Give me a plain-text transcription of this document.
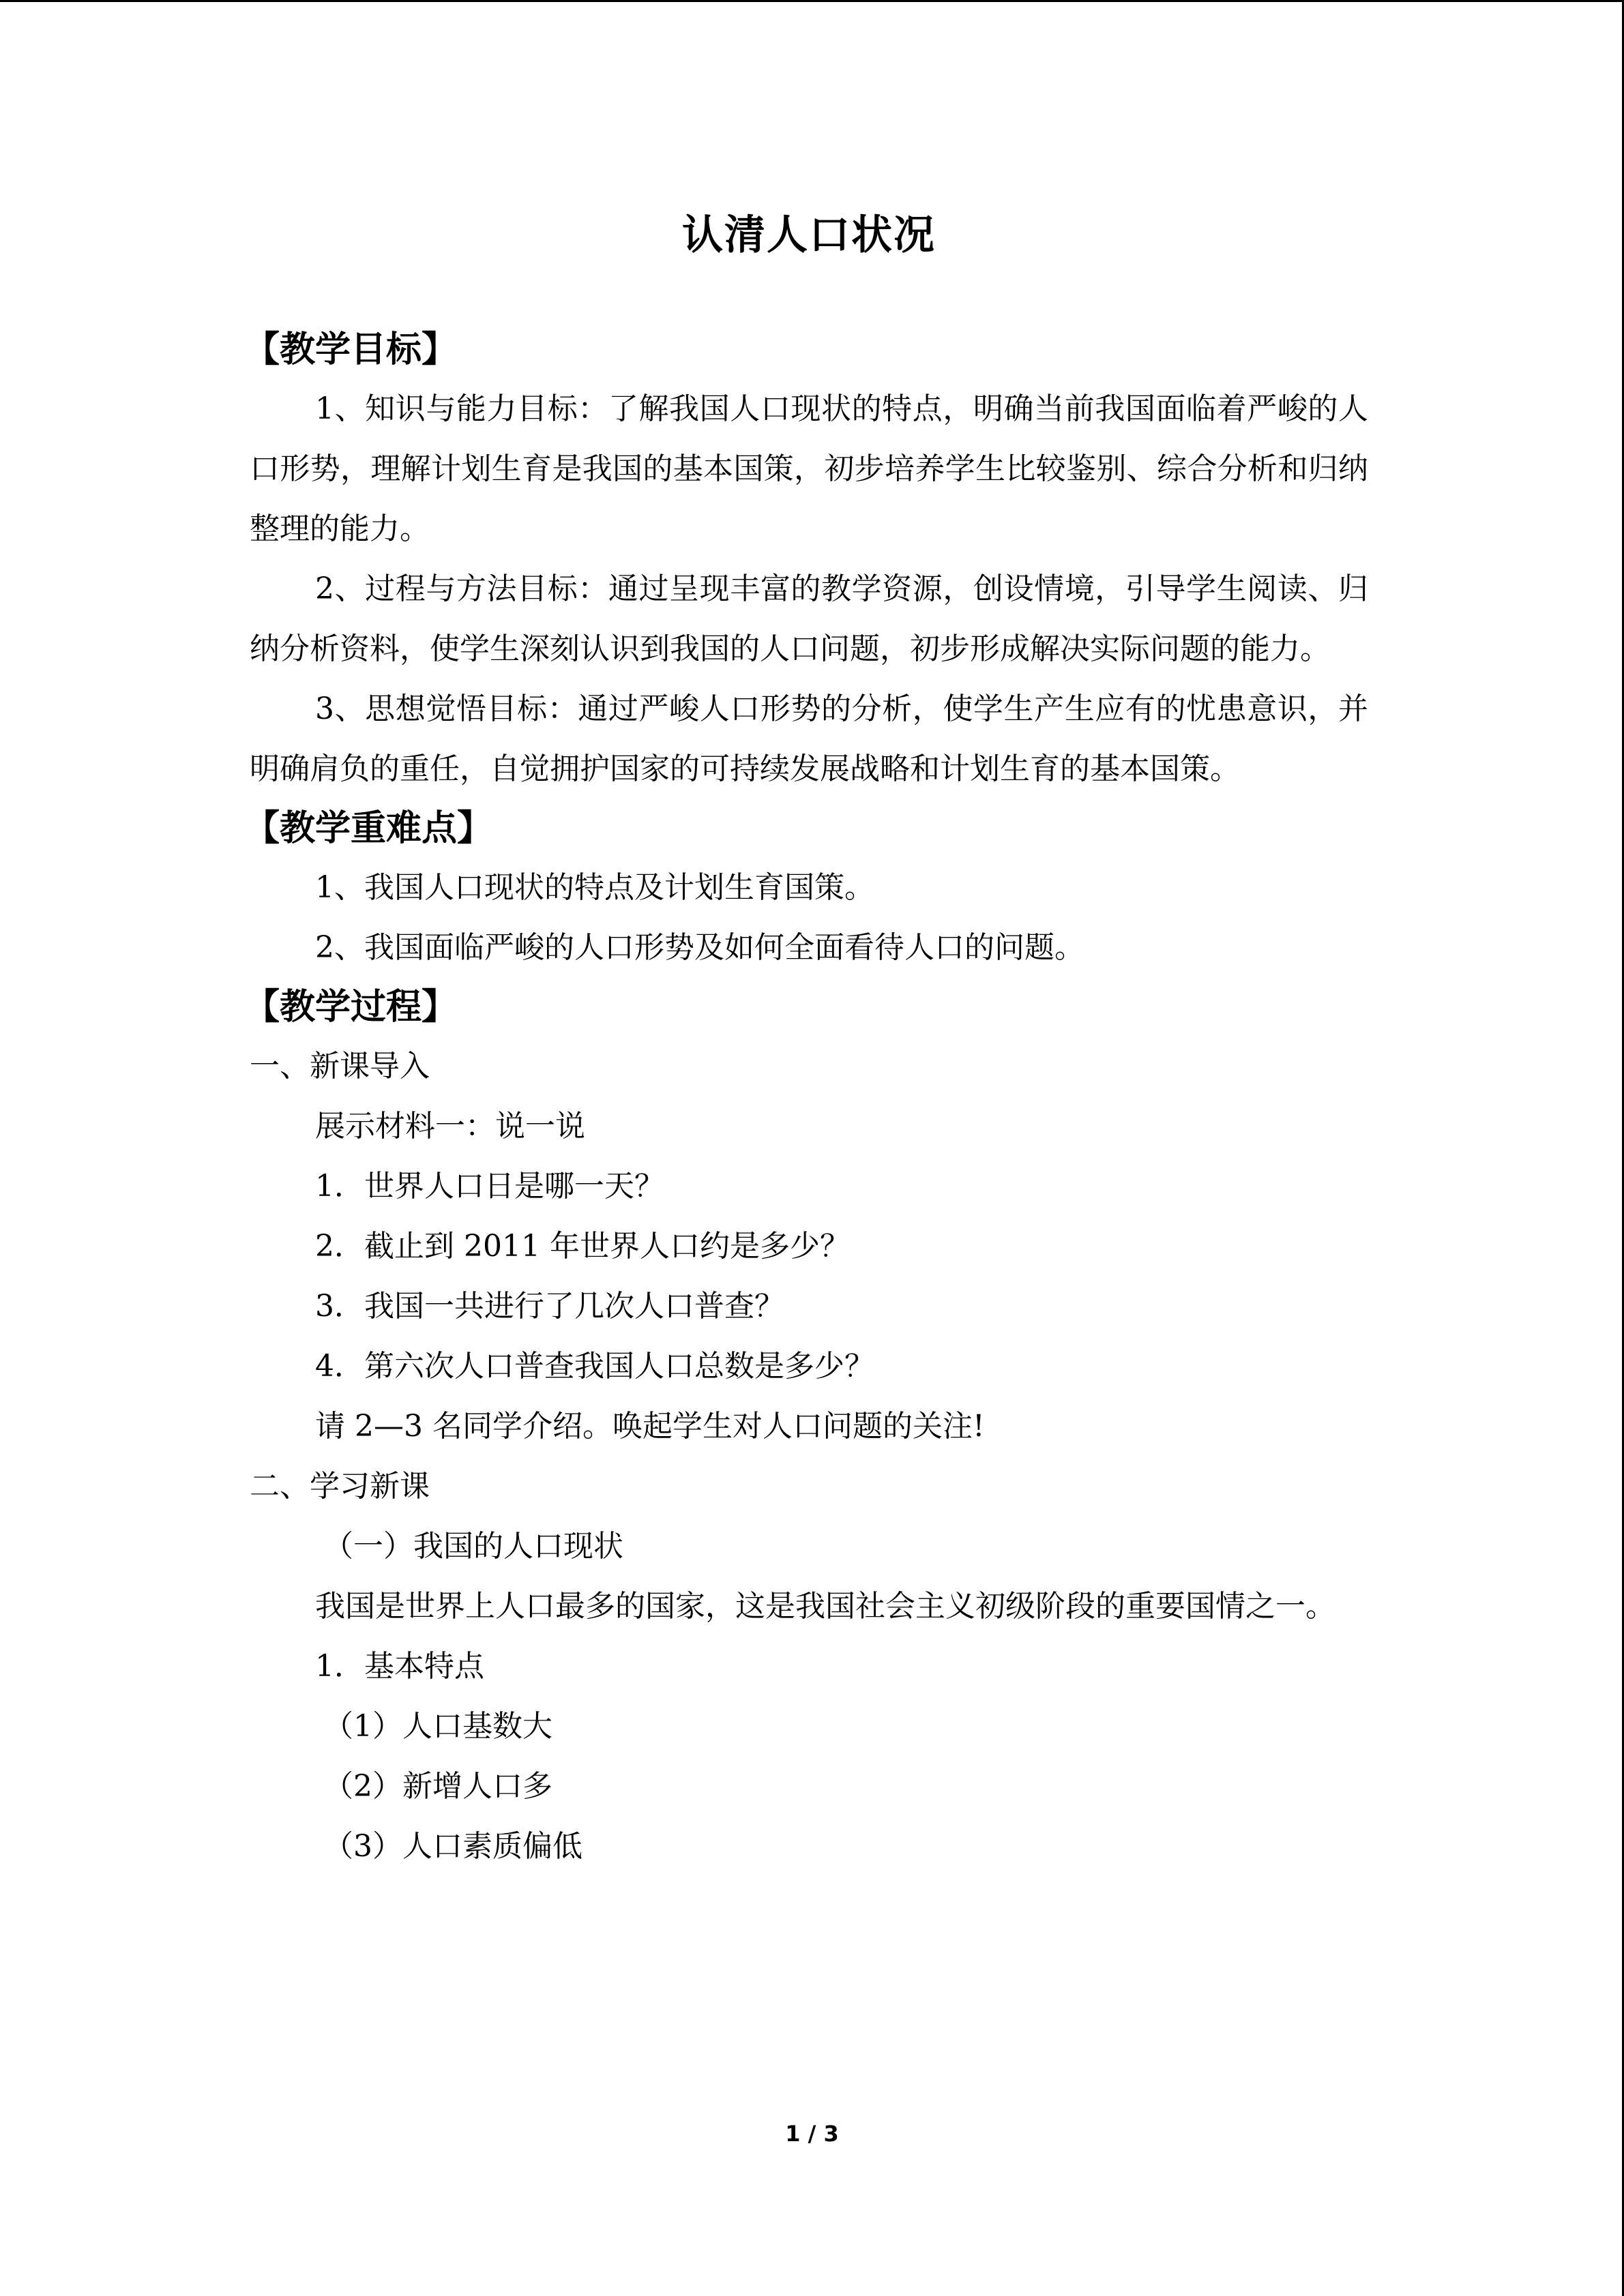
认清人口状况
【教学目标】

1、知识与能力目标：了解我国人口现状的特点，明确当前我国面临着严峻的人口形势，理解计划生育是我国的基本国策，初步培养学生比较鉴别、综合分析和归纳整理的能力。

2、过程与方法目标：通过呈现丰富的教学资源，创设情境，引导学生阅读、归纳分析资料，使学生深刻认识到我国的人口问题，初步形成解决实际问题的能力。

3、思想觉悟目标：通过严峻人口形势的分析，使学生产生应有的忧患意识，并明确肩负的重任，自觉拥护国家的可持续发展战略和计划生育的基本国策。

【教学重难点】
1、我国人口现状的特点及计划生育国策。
2、我国面临严峻的人口形势及如何全面看待人口的问题。
【教学过程】
一、新课导入
展示材料一：说一说
1．世界人口日是哪一天？
2．截止到 2011 年世界人口约是多少？
3．我国一共进行了几次人口普查？
4．第六次人口普查我国人口总数是多少？
请 2—3 名同学介绍。唤起学生对人口问题的关注!
二、学习新课
（一）我国的人口现状

我国是世界上人口最多的国家，这是我国社会主义初级阶段的重要国情之一。

1．基本特点
（1）人口基数大
（2）新增人口多
（3）人口素质偏低
1 / 3
